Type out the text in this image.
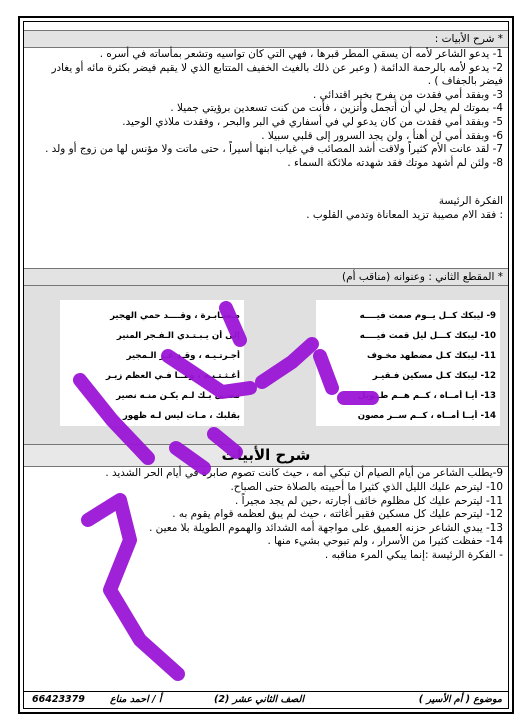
* شرح الأبيات :

1- يدعو الشاعر لأمه أن يسقي المطر قبرها ، فهي التي كان تواسيه وتشعر بمأساته في أسره .

2- يدعو لأمه بالرحمة الدائمة ( وعبر عن ذلك بالغيث الخفيف المتتابع الذي لا يقيم فيضر بكثرة مائه أو يغادر فيضر بالجفاف ) .

3- وبفقد أمي فقدت من يفرح بخير اقتدائي .

4- بموتك لم يحل لي أن أتجمل وأتزين ، فأنت من كنت تسعدين برؤيتي جميلا .

5- وبفقد أمي فقدت من كان يدعو لي في أسفاري في البر والبحر ، وفقدت ملاذي الوحيد.

6- وبفقد أمي لن أهنأ ، ولن يجد السرور إلى قلبي سبيلا .

7- لقد عانت الأم كثيراً ولاقت أشد المصائب في غياب ابنها أسيراً ، حتى ماتت ولا مؤنس لها من زوج أو ولد .

8- ولئن لم أشهد موتك فقد شهدته ملائكة السماء .

الفكرة الرئيسة
: فقد الام مصيبة تزيد المعاناة وتدمي القلوب .
* المقطع الثاني : وعنوانه (مناقب أم)
9- ليبكك كــل يــوم صمت فيــــه
10- ليبكك كـــل ليل قمت فيــــه
11- ليبكك كـل مضطهد مخـوف
12- ليبكك كـل مسكين فـقيـر
13- أيـا أمــاه ، كــم هــم طــويل
14- أيــا أمــاه ، كــم ســر مصون
مـصـابـرة ، وقــــد حمي الهجير
إلى أن يـبـتـدي الـفـجر المنير
أجـرتـيـه ، وقـد عـز الـمجير
أغـثـتـيـه ، ومــا فـي العظم زيـر
مضـى بـك لـم يكـن منـه نصير
بقلبك ، مـات ليس لـه ظهور
شرح الأبيات

9-يطلب الشاعر من أيام الصيام أن تبكي أمه ، حيث كانت تصوم صابرة في أيام الحر الشديد .

10- ليترحم عليك الليل الذي كثيرا ما أحييته بالصلاة حتى الصباح.

11- ليترحم عليك كل مظلوم خائف أجارته ،حين لم يجد مجيراً .

12- ليترحم عليك كل مسكين فقير أغاثته ، حيث لم يبق لعظمه قوام يقوم به .

13- يبدي الشاعر حزنه العميق على مواجهة أمه الشدائد والهموم الطويلة بلا معين .

14- حفظت كثيرا من الأسرار ، ولم تبوحي بشيء منها .

- الفكرة الرئيسة :إنما يبكي المرء مناقبه .

موضوع ( أم الأسير )
الصف الثاني عشر (2)
أ / احمد مناع
66423379
